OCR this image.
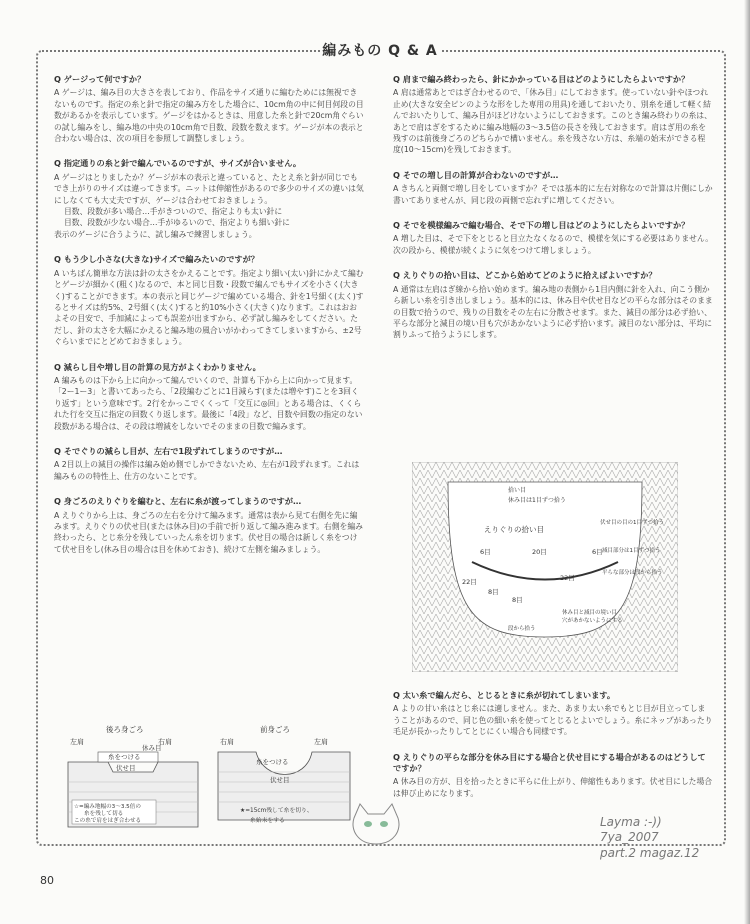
編みもの Q & A
Q ゲージって何ですか？

A ゲージは、編み目の大きさを表しており、作品をサイズ通りに編むためには無視できないものです。指定の糸と針で指定の編み方をした場合に、10cm角の中に何目何段の目数があるかを表示しています。ゲージをはかるときは、用意した糸と針で20cm角ぐらいの試し編みをし、編み地の中央の10cm角で目数、段数を数えます。ゲージが本の表示と合わない場合は、次の項目を参照して調整しましょう。

Q 指定通りの糸と針で編んでいるのですが、サイズが合いません。

A ゲージはとりましたか？ゲージが本の表示と違っていると、たとえ糸と針が同じでもでき上がりのサイズは違ってきます。ニットは伸縮性があるので多少のサイズの違いは気にしなくても大丈夫ですが、ゲージは合わせておきましょう。

目数、段数が多い場合…手がきついので、指定よりも太い針に

目数、段数が少ない場合…手がゆるいので、指定よりも細い針に

表示のゲージに合うように、試し編みで練習しましょう。

Q もう少し小さな(大きな)サイズで編みたいのですが？

A いちばん簡単な方法は針の太さをかえることです。指定より細い(太い)針にかえて編むとゲージが細かく(粗く)なるので、本と同じ目数・段数で編んでもサイズを小さく(大きく)することができます。本の表示と同じゲージで編めている場合、針を1号細く(太く)するとサイズは約5%、2号細く(太く)すると約10%小さく(大きく)なります。これはおおよその目安で、手加減によっても誤差が出ますから、必ず試し編みをしてください。ただし、針の太さを大幅にかえると編み地の風合いがかわってきてしまいますから、±2号ぐらいまでにとどめておきましょう。

Q 減らし目や増し目の計算の見方がよくわかりません。

A 編みものは下から上に向かって編んでいくので、計算も下から上に向かって見ます。「2ー1ー3」と書いてあったら、「2段編むごとに1目減らす(または増やす)ことを3回くり返す」という意味です。2行をかっこでくくって「交互に◎回」とある場合は、くくられた行を交互に指定の回数くり返します。最後に「4段」など、目数や回数の指定のない段数がある場合は、その段は増減をしないでそのままの目数で編みます。

Q そでぐりの減らし目が、左右で1段ずれてしまうのですが…

A 2目以上の減目の操作は編み始め側でしかできないため、左右が1段ずれます。これは編みものの特性上、仕方のないことです。

Q 身ごろのえりぐりを編むと、左右に糸が渡ってしまうのですが…

A えりぐりから上は、身ごろの左右を分けて編みます。通常は表から見て右側を先に編みます。えりぐりの伏せ目(または休み目)の手前で折り返して編み進みます。右側を編み終わったら、とじ糸分を残していったん糸を切ります。伏せ目の場合は新しく糸をつけて伏せ目をし(休み目の場合は目を休めておき)、続けて左側を編みましょう。

後ろ身ごろ
左肩	右肩
糸をつける
伏せ目
休み目
☆=編み地幅の3〜3.5倍の
糸を残して切る
この糸で肩をはぎ合わせる
前身ごろ
右肩	左肩
糸をつける
伏せ目
★=15cm残して糸を切り、
糸始末をする
Q 肩まで編み終わったら、針にかかっている目はどのようにしたらよいですか？

A 肩は通常あとではぎ合わせるので、「休み目」にしておきます。使っていない針やほつれ止め(大きな安全ピンのような形をした専用の用具)を通しておいたり、別糸を通して軽く結んでおいたりして、編み目がほどけないようにしておきます。このとき編み終わりの糸は、あとで肩はぎをするために編み地幅の3〜3.5倍の長さを残しておきます。肩はぎ用の糸を残すのは前後身ごろのどちらかで構いません。糸を残さない方は、糸端の始末ができる程度(10〜15cm)を残しておきます。

Q そでの増し目の計算が合わないのですが…

A きちんと両側で増し目をしていますか？そでは基本的に左右対称なので計算は片側にしか書いてありませんが、同じ段の両側で忘れずに増してください。

Q そでを模様編みで編む場合、そで下の増し目はどのようにしたらよいですか？

A 増した目は、そで下をとじると目立たなくなるので、模様を気にする必要はありません。次の段から、模様が続くように気をつけて増しましょう。

Q えりぐりの拾い目は、どこから始めてどのように拾えばよいですか？

A 通常は左肩はぎ線から拾い始めます。編み地の表側から1目内側に針を入れ、向こう側から新しい糸を引き出しましょう。基本的には、休み目や伏せ目などの平らな部分はそのままの目数で拾うので、残りの目数をその左右に分散させます。また、減目の部分は必ず拾い、平らな部分と減目の境い目も穴があかないように必ず拾います。減目のない部分は、平均に割りふって拾うようにします。

えりぐりの拾い目
6目	20目	6目
22目	22目
8目
8目
拾い目
休み目は1目ずつ拾う
伏せ目の目の1目ずつ拾う
減目部分は1目ずつ拾う
平らな部分は段から拾う
休み目と減目の境い目
穴があかないようにする
段から拾う
Q 太い糸で編んだら、とじるときに糸が切れてしまいます。

A よりの甘い糸はとじ糸には適しません。また、あまり太い糸でもとじ目が目立ってしまうことがあるので、同じ色の細い糸を使ってとじるとよいでしょう。糸にネップがあったり毛足が長かったりしてとじにくい場合も同様です。

Q えりぐりの平らな部分を休み目にする場合と伏せ目にする場合があるのはどうしてですか？

A 休み目の方が、目を拾ったときに平らに仕上がり、伸縮性もあります。伏せ目にした場合は伸び止めになります。

Layma :-))
7ya_2007
part.2 magaz.12
80
